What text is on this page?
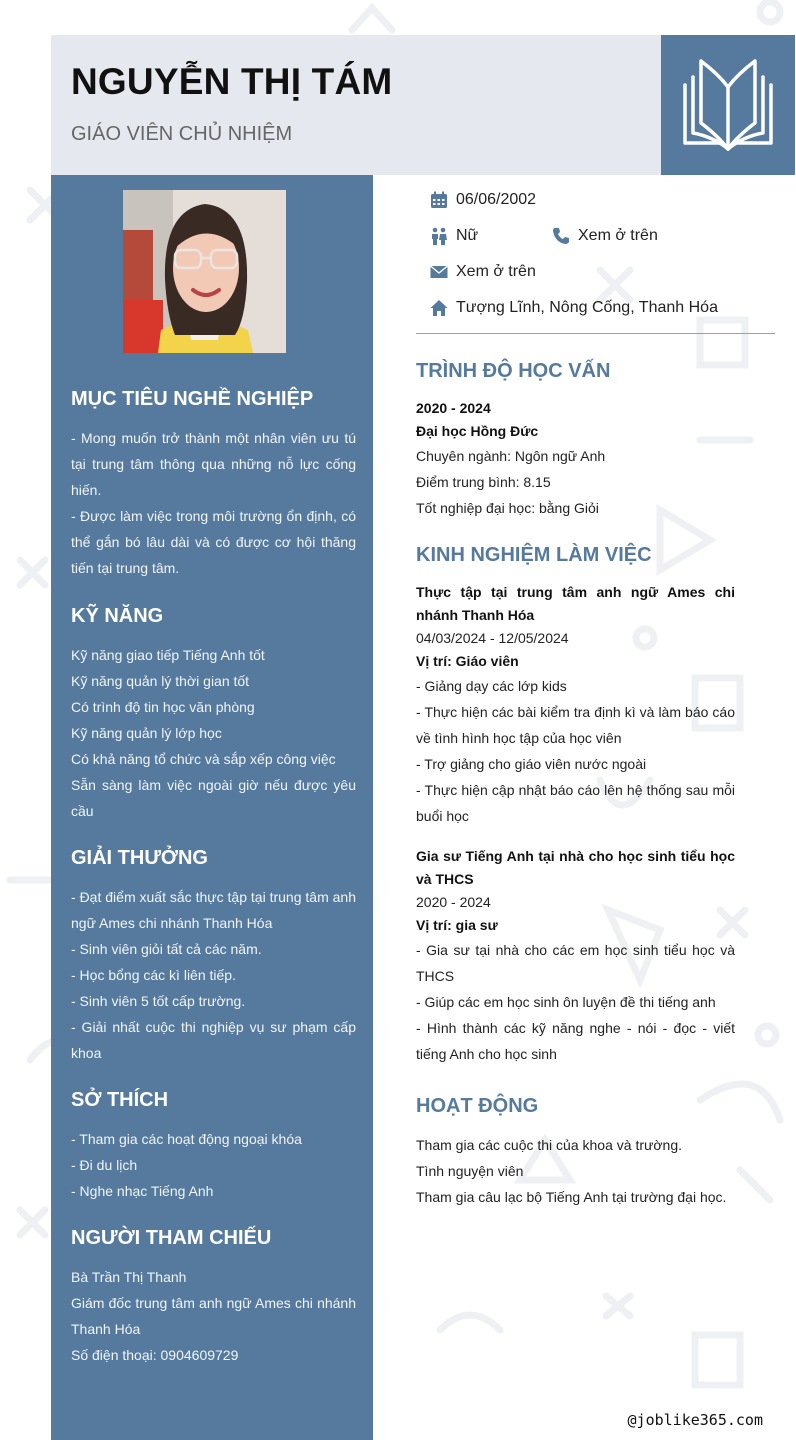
NGUYỄN THỊ TÁM
GIÁO VIÊN CHỦ NHIỆM
MỤC TIÊU NGHỀ NGHIỆP
- Mong muốn trở thành một nhân viên ưu tú tại trung tâm thông qua những nỗ lực cống hiến.
- Được làm việc trong môi trường ổn định, có thể gắn bó lâu dài và có được cơ hội thăng tiến tại trung tâm.
KỸ NĂNG
Kỹ năng giao tiếp Tiếng Anh tốt
Kỹ năng quản lý thời gian tốt
Có trình độ tin học văn phòng
Kỹ năng quản lý lớp học
Có khả năng tổ chức và sắp xếp công việc
Sẵn sàng làm việc ngoài giờ nếu được yêu cầu
GIẢI THƯỞNG
- Đạt điểm xuất sắc thực tập tại trung tâm anh ngữ Ames chi nhánh Thanh Hóa
- Sinh viên giỏi tất cả các năm.
- Học bổng các kì liên tiếp.
- Sinh viên 5 tốt cấp trường.
- Giải nhất cuộc thi nghiệp vụ sư phạm cấp khoa
SỞ THÍCH
- Tham gia các hoạt động ngoại khóa
- Đi du lịch
- Nghe nhạc Tiếng Anh
NGƯỜI THAM CHIẾU
Bà Trần Thị Thanh
Giám đốc trung tâm anh ngữ Ames chi nhánh Thanh Hóa
Số điện thoại: 0904609729
06/06/2002
Nữ	Xem ở trên
Xem ở trên
Tượng Lĩnh, Nông Cống, Thanh Hóa
TRÌNH ĐỘ HỌC VẤN
2020 - 2024
Đại học Hồng Đức
Chuyên ngành: Ngôn ngữ Anh
Điểm trung bình: 8.15
Tốt nghiệp đại học: bằng Giỏi
KINH NGHIỆM LÀM VIỆC
Thực tập tại trung tâm anh ngữ Ames chi nhánh Thanh Hóa
04/03/2024 - 12/05/2024
Vị trí: Giáo viên
- Giảng dạy các lớp kids
- Thực hiện các bài kiểm tra định kì và làm báo cáo về tình hình học tập của học viên
- Trợ giảng cho giáo viên nước ngoài
- Thực hiện cập nhật báo cáo lên hệ thống sau mỗi buổi học
Gia sư Tiếng Anh tại nhà cho học sinh tiểu học và THCS
2020 - 2024
Vị trí: gia sư
- Gia sư tại nhà cho các em học sinh tiểu học và THCS
- Giúp các em học sinh ôn luyện đề thi tiếng anh
- Hình thành các kỹ năng nghe - nói - đọc - viết tiếng Anh cho học sinh
HOẠT ĐỘNG
Tham gia các cuộc thi của khoa và trường.
Tình nguyện viên
Tham gia câu lạc bộ Tiếng Anh tại trường đại học.
@joblike365.com
